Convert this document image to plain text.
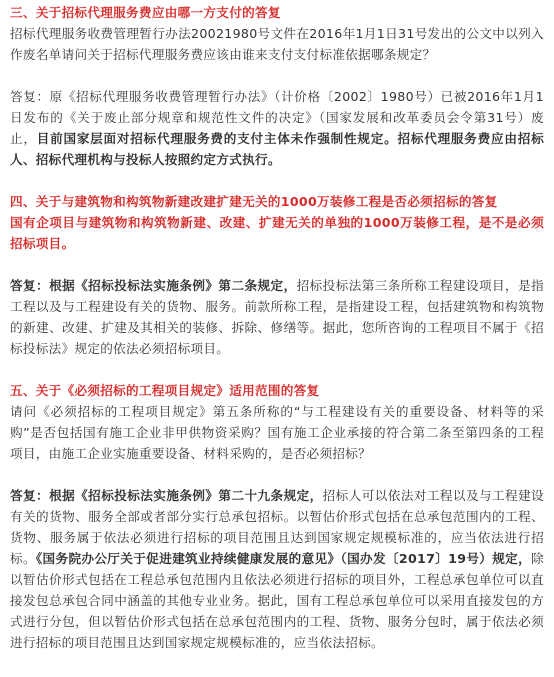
三、关于招标代理服务费应由哪一方支付的答复

招标代理服务收费管理暂行办法20021980号文件在2016年1月1日31号发出的公文中以列入作废名单请问关于招标代理服务费应该由谁来支付支付标准依据哪条规定？

答复：原《招标代理服务收费管理暂行办法》（计价格〔2002〕1980号）已被2016年1月1日发布的《关于废止部分规章和规范性文件的决定》（国家发展和改革委员会令第31号）废止，目前国家层面对招标代理服务费的支付主体未作强制性规定。招标代理服务费应由招标人、招标代理机构与投标人按照约定方式执行。

四、关于与建筑物和构筑物新建改建扩建无关的1000万装修工程是否必须招标的答复

国有企项目与建筑物和构筑物新建、改建、扩建无关的单独的1000万装修工程，是不是必须招标项目。

答复：根据《招标投标法实施条例》第二条规定，招标投标法第三条所称工程建设项目，是指工程以及与工程建设有关的货物、服务。前款所称工程，是指建设工程，包括建筑物和构筑物的新建、改建、扩建及其相关的装修、拆除、修缮等。据此，您所咨询的工程项目不属于《招标投标法》规定的依法必须招标项目。

五、关于《必须招标的工程项目规定》适用范围的答复

请问《必须招标的工程项目规定》第五条所称的“与工程建设有关的重要设备、材料等的采购”是否包括国有施工企业非甲供物资采购？国有施工企业承接的符合第二条至第四条的工程项目，由施工企业实施重要设备、材料采购的，是否必须招标？

答复：根据《招标投标法实施条例》第二十九条规定，招标人可以依法对工程以及与工程建设有关的货物、服务全部或者部分实行总承包招标。以暂估价形式包括在总承包范围内的工程、货物、服务属于依法必须进行招标的项目范围且达到国家规定规模标准的，应当依法进行招标。《国务院办公厅关于促进建筑业持续健康发展的意见》（国办发〔2017〕19号）规定，除以暂估价形式包括在工程总承包范围内且依法必须进行招标的项目外，工程总承包单位可以直接发包总承包合同中涵盖的其他专业业务。据此，国有工程总承包单位可以采用直接发包的方式进行分包，但以暂估价形式包括在总承包范围内的工程、货物、服务分包时，属于依法必须进行招标的项目范围且达到国家规定规模标准的，应当依法招标。
